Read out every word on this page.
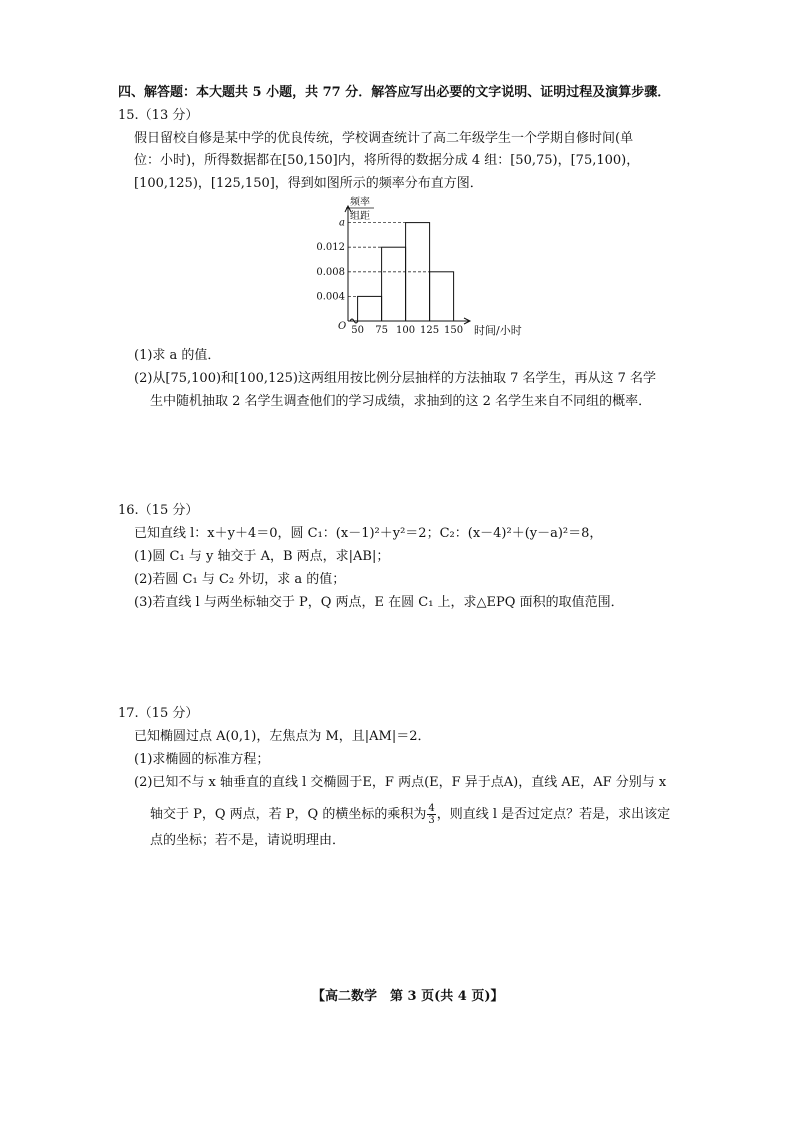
四、解答题：本大题共 5 小题，共 77 分．解答应写出必要的文字说明、证明过程及演算步骤．
15.（13 分）
假日留校自修是某中学的优良传统，学校调查统计了高二年级学生一个学期自修时间(单
位：小时)，所得数据都在[50,150]内，将所得的数据分成 4 组：[50,75)，[75,100)，
[100,125)，[125,150]，得到如图所示的频率分布直方图．
0.004
0.008
0.012
a
50 75 100 125 150
O	时间/小时
频率
组距
(1)求 a 的值．
(2)从[75,100)和[100,125)这两组用按比例分层抽样的方法抽取 7 名学生，再从这 7 名学
生中随机抽取 2 名学生调查他们的学习成绩，求抽到的这 2 名学生来自不同组的概率．
16.（15 分）
已知直线 l：x＋y＋4＝0，圆 C₁：(x－1)²＋y²＝2；C₂：(x－4)²＋(y－a)²＝8，
(1)圆 C₁ 与 y 轴交于 A，B 两点，求|AB|；
(2)若圆 C₁ 与 C₂ 外切，求 a 的值；
(3)若直线 l 与两坐标轴交于 P，Q 两点，E 在圆 C₁ 上，求△EPQ 面积的取值范围．
17.（15 分）
已知椭圆过点 A(0,1)，左焦点为 M，且|AM|＝2．
(1)求椭圆的标准方程；
(2)已知不与 x 轴垂直的直线 l 交椭圆于E，F 两点(E，F 异于点A)，直线 AE，AF 分别与 x
轴交于 P，Q 两点，若 P，Q 的横坐标的乘积为 $\frac{4}{3}$ ，则直线 l 是否过定点？若是，求出该定
点的坐标；若不是，请说明理由．
【高二数学　第 3 页(共 4 页)】
